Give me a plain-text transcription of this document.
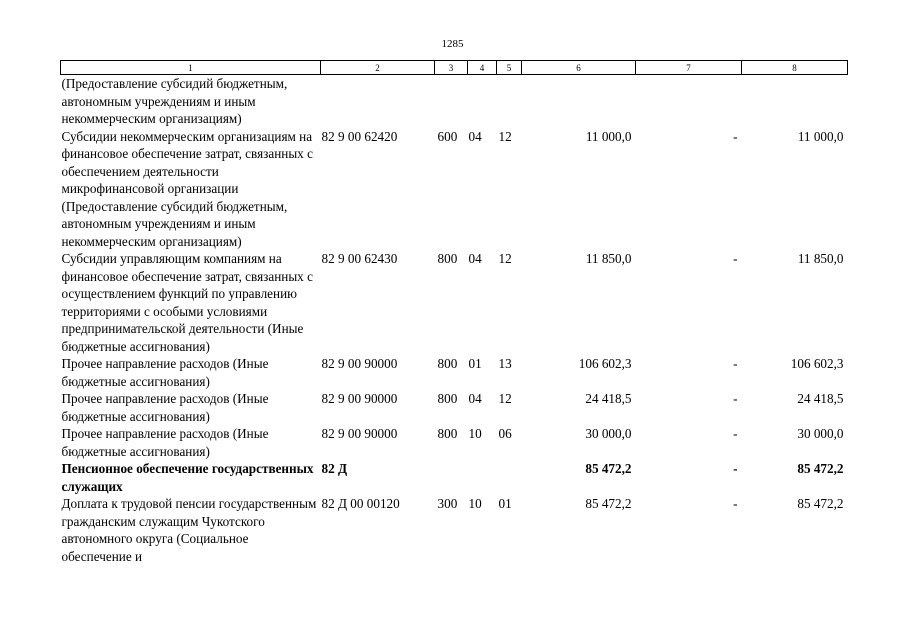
1285
1	2	3	4	5	6	7	8
(Предоставление субсидий бюджетным, автономным учреждениям и иным некоммерческим организациям)							
Субсидии некоммерческим организациям на финансовое обеспечение затрат, связанных с обеспечением деятельности микрофинансовой организации (Предоставление субсидий бюджетным, автономным учреждениям и иным некоммерческим организациям)	82 9 00 62420	600	04	12	11 000,0	-	11 000,0
Субсидии управляющим компаниям на финансовое обеспечение затрат, связанных с осуществлением функций по управлению территориями с особыми условиями предпринимательской деятельности (Иные бюджетные ассигнования)	82 9 00 62430	800	04	12	11 850,0	-	11 850,0
Прочее направление расходов (Иные бюджетные ассигнования)	82 9 00 90000	800	01	13	106 602,3	-	106 602,3
Прочее направление расходов (Иные бюджетные ассигнования)	82 9 00 90000	800	04	12	24 418,5	-	24 418,5
Прочее направление расходов (Иные бюджетные ассигнования)	82 9 00 90000	800	10	06	30 000,0	-	30 000,0
Пенсионное обеспечение государственных служащих	82 Д				85 472,2	-	85 472,2
Доплата к трудовой пенсии государственным гражданским служащим Чукотского автономного округа (Социальное обеспечение и	82 Д 00 00120	300	10	01	85 472,2	-	85 472,2
